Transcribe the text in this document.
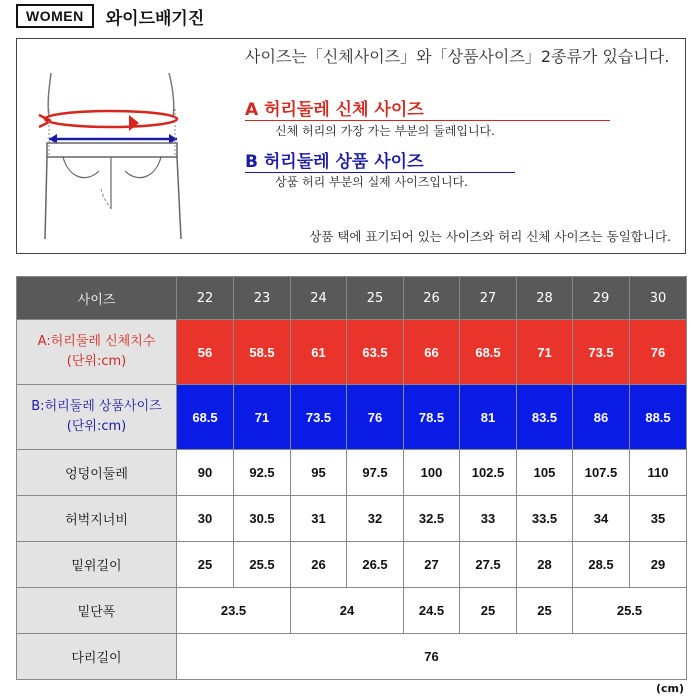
WOMEN	와이드배기진
사이즈는「신체사이즈」와「상품사이즈」2종류가 있습니다.
A 허리둘레 신체 사이즈
신체 허리의 가장 가는 부분의 둘레입니다.
B 허리둘레 상품 사이즈
상품 허리 부분의 실제 사이즈입니다.
상품 택에 표기되어 있는 사이즈와 허리 신체 사이즈는 동일합니다.
사이즈	22	23	24	25	26	27	28	29	30

A:허리둘레 신체치수
(단위:cm)	56	58.5	61	63.5	66	68.5	71	73.5	76

B:허리둘레 상품사이즈
(단위:cm)	68.5	71	73.5	76	78.5	81	83.5	86	88.5
엉덩이둘레	90	92.5	95	97.5	100	102.5	105	107.5	110
허벅지너비	30	30.5	31	32	32.5	33	33.5	34	35
밑위길이	25	25.5	26	26.5	27	27.5	28	28.5	29
밑단폭	23.5		24		24.5	25	25	25.5	
다리길이	76								
(cm)
